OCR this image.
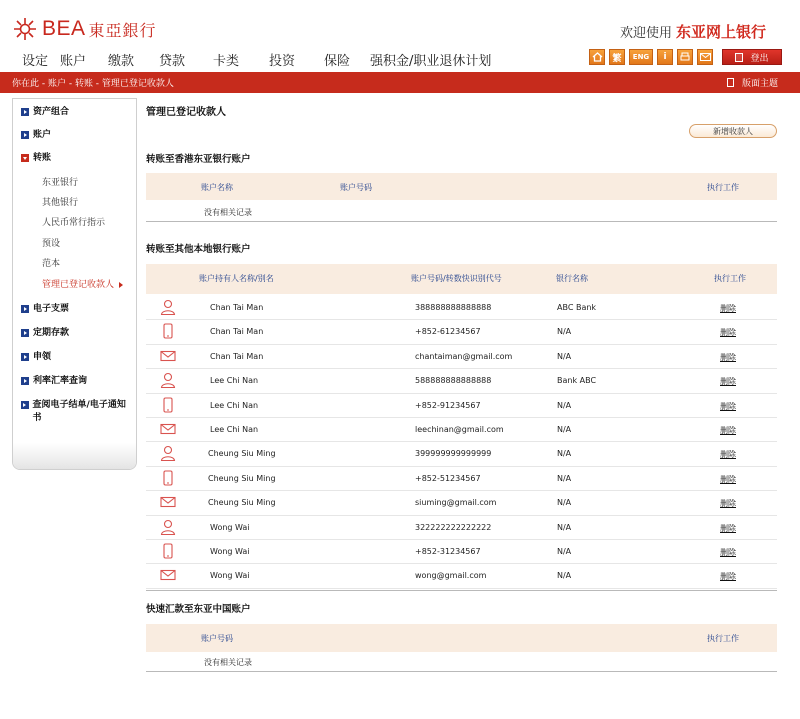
BEA 東亞銀行	欢迎使用 东亚网上银行
设定 账户 缴款 贷款 卡类 投资 保险 强积金/职业退休计划	繁	ENG	i	登出
你在此 - 账户 - 转账 - 管理已登记收款人	版面主题
资产组合
账户
转账
电子支票
定期存款
申领
利率汇率查询
查阅电子结单/电子通知书
东亚银行
其他银行
人民币常行指示
预设
范本
管理已登记收款人
管理已登记收款人
新增收款人
转账至香港东亚银行账户
账户名称	账户号码	执行工作
没有相关记录
转账至其他本地银行账户
账户持有人名称/别名	账户号码/转数快识别代号	银行名称	执行工作
Chan Tai Man	388888888888888	ABC Bank	删除
Chan Tai Man	+852-61234567	N/A	删除
Chan Tai Man	chantaiman@gmail.com	N/A	删除
Lee Chi Nan	588888888888888	Bank ABC	删除
Lee Chi Nan	+852-91234567	N/A	删除
Lee Chi Nan	leechinan@gmail.com	N/A	删除
Cheung Siu Ming	399999999999999	N/A	删除
Cheung Siu Ming	+852-51234567	N/A	删除
Cheung Siu Ming	siuming@gmail.com	N/A	删除
Wong Wai	322222222222222	N/A	删除
Wong Wai	+852-31234567	N/A	删除
Wong Wai	wong@gmail.com	N/A	删除
快速汇款至东亚中国账户
账户号码	执行工作
没有相关记录
